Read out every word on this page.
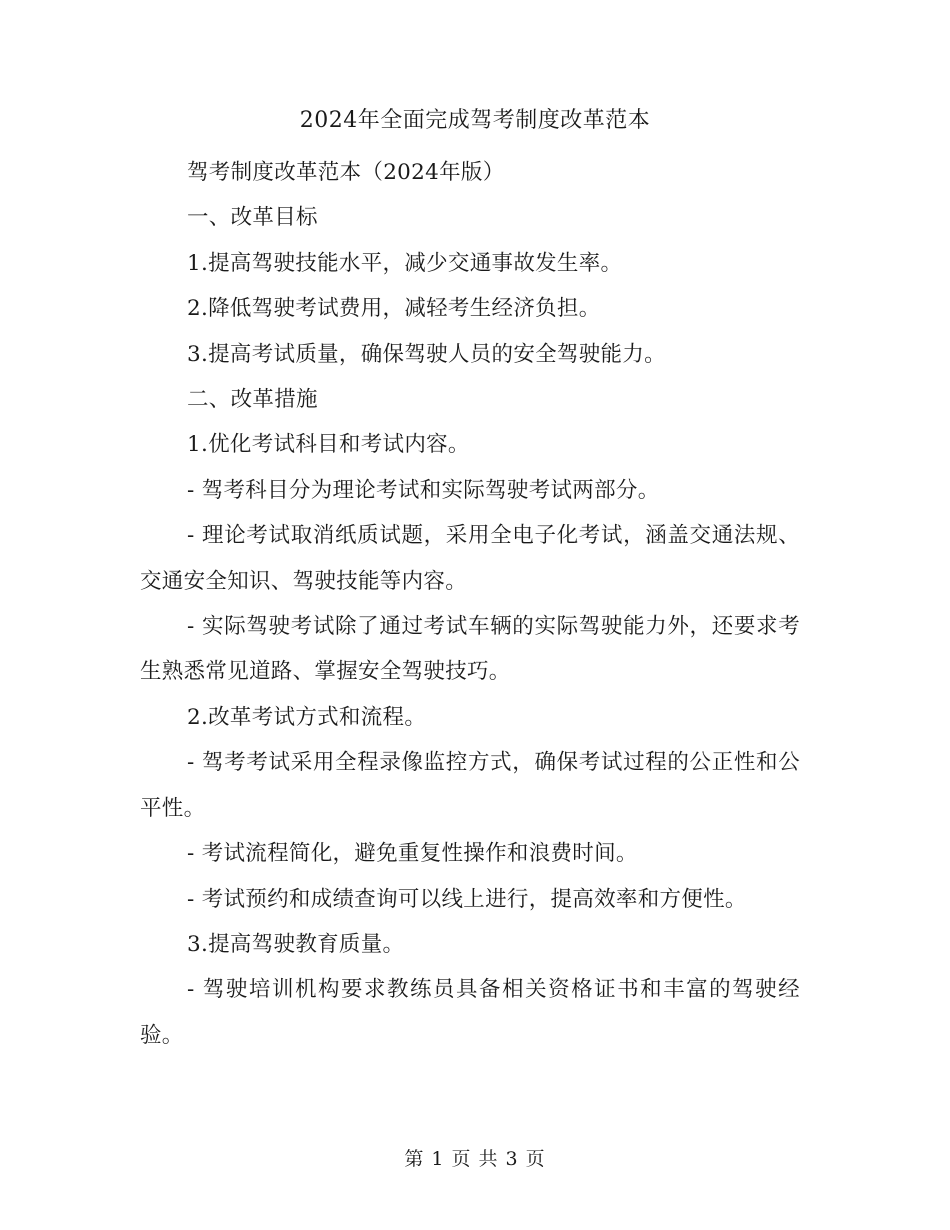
2024年全面完成驾考制度改革范本

驾考制度改革范本（2024年版）

一、改革目标

1.提高驾驶技能水平，减少交通事故发生率。

2.降低驾驶考试费用，减轻考生经济负担。

3.提高考试质量，确保驾驶人员的安全驾驶能力。

二、改革措施

1.优化考试科目和考试内容。

- 驾考科目分为理论考试和实际驾驶考试两部分。

- 理论考试取消纸质试题，采用全电子化考试，涵盖交通法规、交通安全知识、驾驶技能等内容。

- 实际驾驶考试除了通过考试车辆的实际驾驶能力外，还要求考生熟悉常见道路、掌握安全驾驶技巧。

2.改革考试方式和流程。

- 驾考考试采用全程录像监控方式，确保考试过程的公正性和公平性。

- 考试流程简化，避免重复性操作和浪费时间。

- 考试预约和成绩查询可以线上进行，提高效率和方便性。

3.提高驾驶教育质量。

- 驾驶培训机构要求教练员具备相关资格证书和丰富的驾驶经验。

第 1 页 共 3 页
